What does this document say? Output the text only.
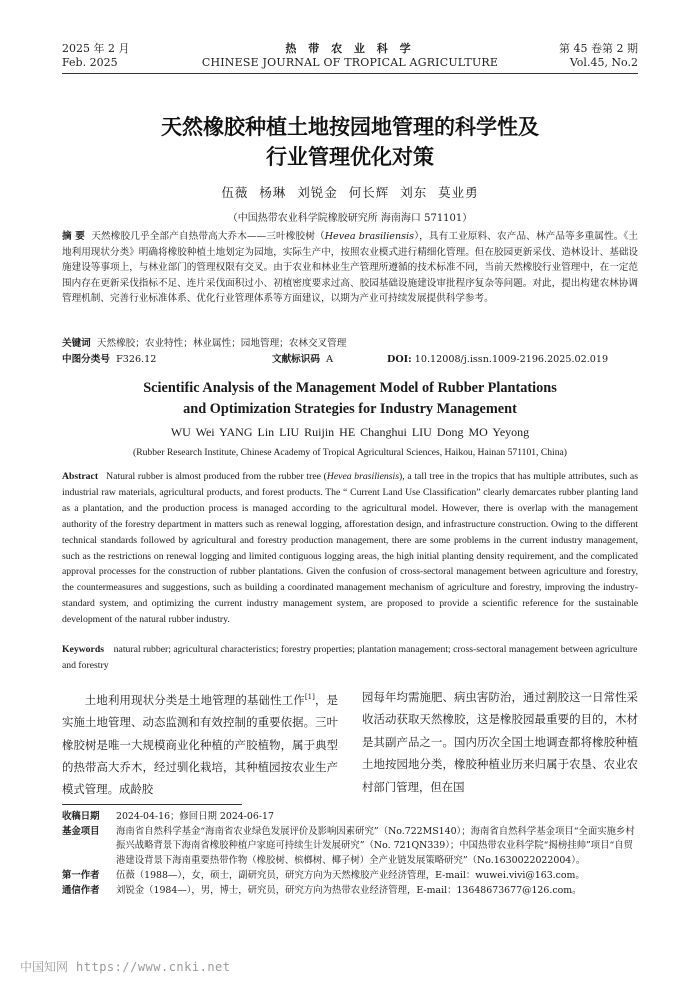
2025 年 2 月
Feb. 2025
热 带 农 业 科 学
CHINESE JOURNAL OF TROPICAL AGRICULTURE
第 45 卷第 2 期
Vol.45, No.2
天然橡胶种植土地按园地管理的科学性及
行业管理优化对策
伍薇 杨琳 刘锐金 何长辉 刘东 莫业勇
（中国热带农业科学院橡胶研究所 海南海口 571101）
摘 要 天然橡胶几乎全部产自热带高大乔木——三叶橡胶树（Hevea brasiliensis），具有工业原料、农产品、林产品等多重属性。《土地利用现状分类》明确将橡胶种植土地划定为园地，实际生产中，按照农业模式进行精细化管理。但在胶园更新采伐、造林设计、基础设施建设等事项上，与林业部门的管理权限有交叉。由于农业和林业生产管理所遵循的技术标准不同，当前天然橡胶行业管理中，在一定范围内存在更新采伐指标不足、连片采伐面积过小、初植密度要求过高、胶园基础设施建设审批程序复杂等问题。对此，提出构建农林协调管理机制、完善行业标准体系、优化行业管理体系等方面建议，以期为产业可持续发展提供科学参考。
关键词 天然橡胶；农业特性；林业属性；园地管理；农林交叉管理
中图分类号 F326.12	文献标识码 A	DOI: 10.12008/j.issn.1009-2196.2025.02.019
Scientific Analysis of the Management Model of Rubber Plantations
and Optimization Strategies for Industry Management
WU Wei YANG Lin LIU Ruijin HE Changhui LIU Dong MO Yeyong
(Rubber Research Institute, Chinese Academy of Tropical Agricultural Sciences, Haikou, Hainan 571101, China)
Abstract Natural rubber is almost produced from the rubber tree (Hevea brasiliensis), a tall tree in the tropics that has multiple attributes, such as industrial raw materials, agricultural products, and forest products. The “ Current Land Use Classification” clearly demarcates rubber planting land as a plantation, and the production process is managed according to the agricultural model. However, there is overlap with the management authority of the forestry department in matters such as renewal logging, afforestation design, and infrastructure construction. Owing to the different technical standards followed by agricultural and forestry production management, there are some problems in the current industry management, such as the restrictions on renewal logging and limited contiguous logging areas, the high initial planting density requirement, and the complicated approval processes for the construction of rubber plantations. Given the confusion of cross-sectoral management between agriculture and forestry, the countermeasures and suggestions, such as building a coordinated management mechanism of agriculture and forestry, improving the industry-standard system, and optimizing the current industry management system, are proposed to provide a scientific reference for the sustainable development of the natural rubber industry.
Keywords natural rubber; agricultural characteristics; forestry properties; plantation management; cross-sectoral management between agriculture and forestry
土地利用现状分类是土地管理的基础性工作[1]，是实施土地管理、动态监测和有效控制的重要依据。三叶橡胶树是唯一大规模商业化种植的产胶植物，属于典型的热带高大乔木，经过驯化栽培，其种植园按农业生产模式管理。成龄胶
园每年均需施肥、病虫害防治，通过割胶这一日常性采收活动获取天然橡胶，这是橡胶园最重要的目的，木材是其副产品之一。国内历次全国土地调查都将橡胶种植土地按园地分类，橡胶种植业历来归属于农垦、农业农村部门管理，但在国
收稿日期 2024-04-16；修回日期 2024-06-17
基金项目 海南省自然科学基金“海南省农业绿色发展评价及影响因素研究”（No.722MS140）；海南省自然科学基金项目“全面实施乡村振兴战略背景下海南省橡胶种植户家庭可持续生计发展研究”（No. 721QN339）；中国热带农业科学院“揭榜挂帅”项目“自贸港建设背景下海南重要热带作物（橡胶树、槟榔树、椰子树）全产业链发展策略研究”（No.1630022022004）。
第一作者 伍薇（1988—），女，硕士，副研究员，研究方向为天然橡胶产业经济管理，E-mail：wuwei.vivi@163.com。
通信作者 刘锐金（1984—），男，博士，研究员，研究方向为热带农业经济管理，E-mail：13648673677@126.com。
中国知网 https://www.cnki.net
